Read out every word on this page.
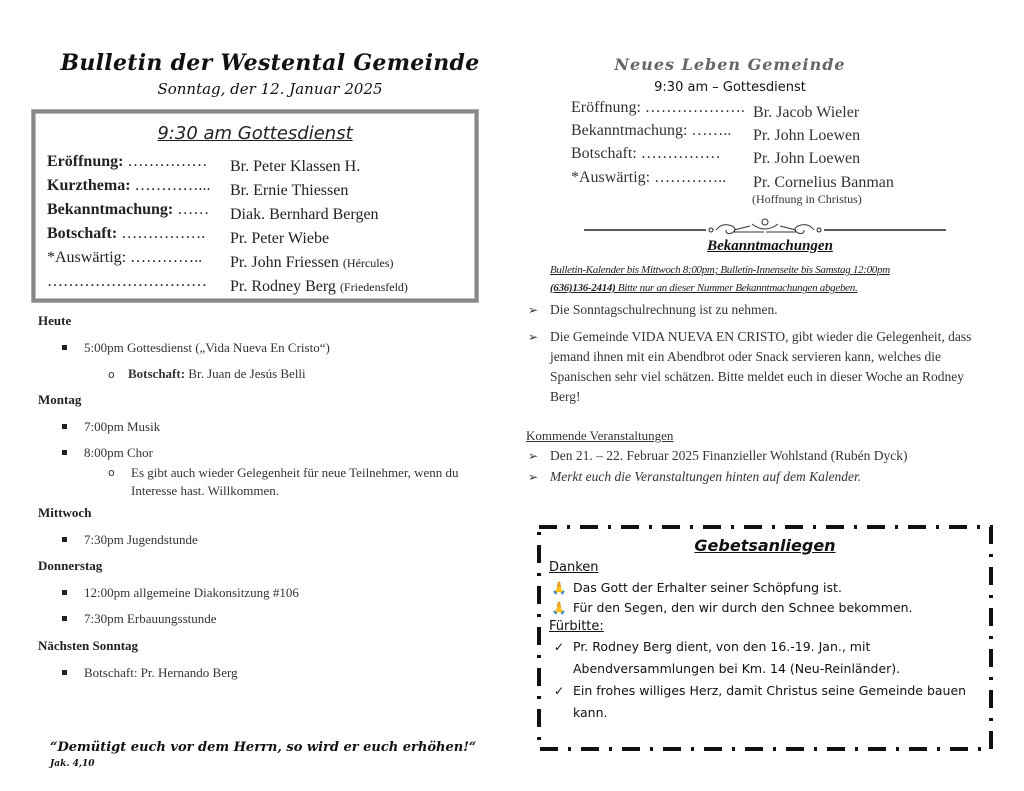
Bulletin der Westental Gemeinde
Sonntag, der 12. Januar 2025
9:30 am Gottesdienst
Eröffnung: …………… Br. Peter Klassen H.
Kurzthema: …………... Br. Ernie Thiessen
Bekanntmachung: …… Diak. Bernhard Bergen
Botschaft: ……………. Pr. Peter Wiebe
*Auswärtig: ………….. Pr. John Friessen (Hércules)
………………………… Pr. Rodney Berg (Friedensfeld)
Heute
5:00pm Gottesdienst („Vida Nueva En Cristo“)
o Botschaft: Br. Juan de Jesús Belli
Montag
7:00pm Musik
8:00pm Chor
o	Es gibt auch wieder Gelegenheit für neue Teilnehmer, wenn du Interesse hast. Willkommen.
Mittwoch
7:30pm Jugendstunde
Donnerstag
12:00pm allgemeine Diakonsitzung #106
7:30pm Erbauungsstunde
Nächsten Sonntag
Botschaft: Pr. Hernando Berg
“Demütigt euch vor dem Herrn, so wird er euch erhöhen!“ Jak. 4,10
Neues Leben Gemeinde
9:30 am – Gottesdienst
Eröffnung: ………………. Br. Jacob Wieler
Bekanntmachung: …….. Pr. John Loewen
Botschaft: …………… Pr. John Loewen
*Auswärtig: ………….. Pr. Cornelius Banman
(Hoffnung in Christus)
Bekanntmachungen
Bulletin-Kalender bis Mittwoch 8:00pm; Bulletin-Innenseite bis Samstag 12:00pm
(636)136-2414) Bitte nur an dieser Nummer Bekanntmachungen abgeben.
➢ Die Sonntagschulrechnung ist zu nehmen.
➢ Die Gemeinde VIDA NUEVA EN CRISTO, gibt wieder die Gelegenheit, dass jemand ihnen mit ein Abendbrot oder Snack servieren kann, welches die Spanischen sehr viel schätzen. Bitte meldet euch in dieser Woche an Rodney Berg!
Kommende Veranstaltungen
➢ Den 21. – 22. Februar 2025 Finanzieller Wohlstand (Rubén Dyck)
➢ Merkt euch die Veranstaltungen hinten auf dem Kalender.
Gebetsanliegen
Danken
🙏 Das Gott der Erhalter seiner Schöpfung ist.
🙏 Für den Segen, den wir durch den Schnee bekommen.
Fürbitte:
✓ Pr. Rodney Berg dient, von den 16.-19. Jan., mit Abendversammlungen bei Km. 14 (Neu-Reinländer).
✓ Ein frohes williges Herz, damit Christus seine Gemeinde bauen kann.
